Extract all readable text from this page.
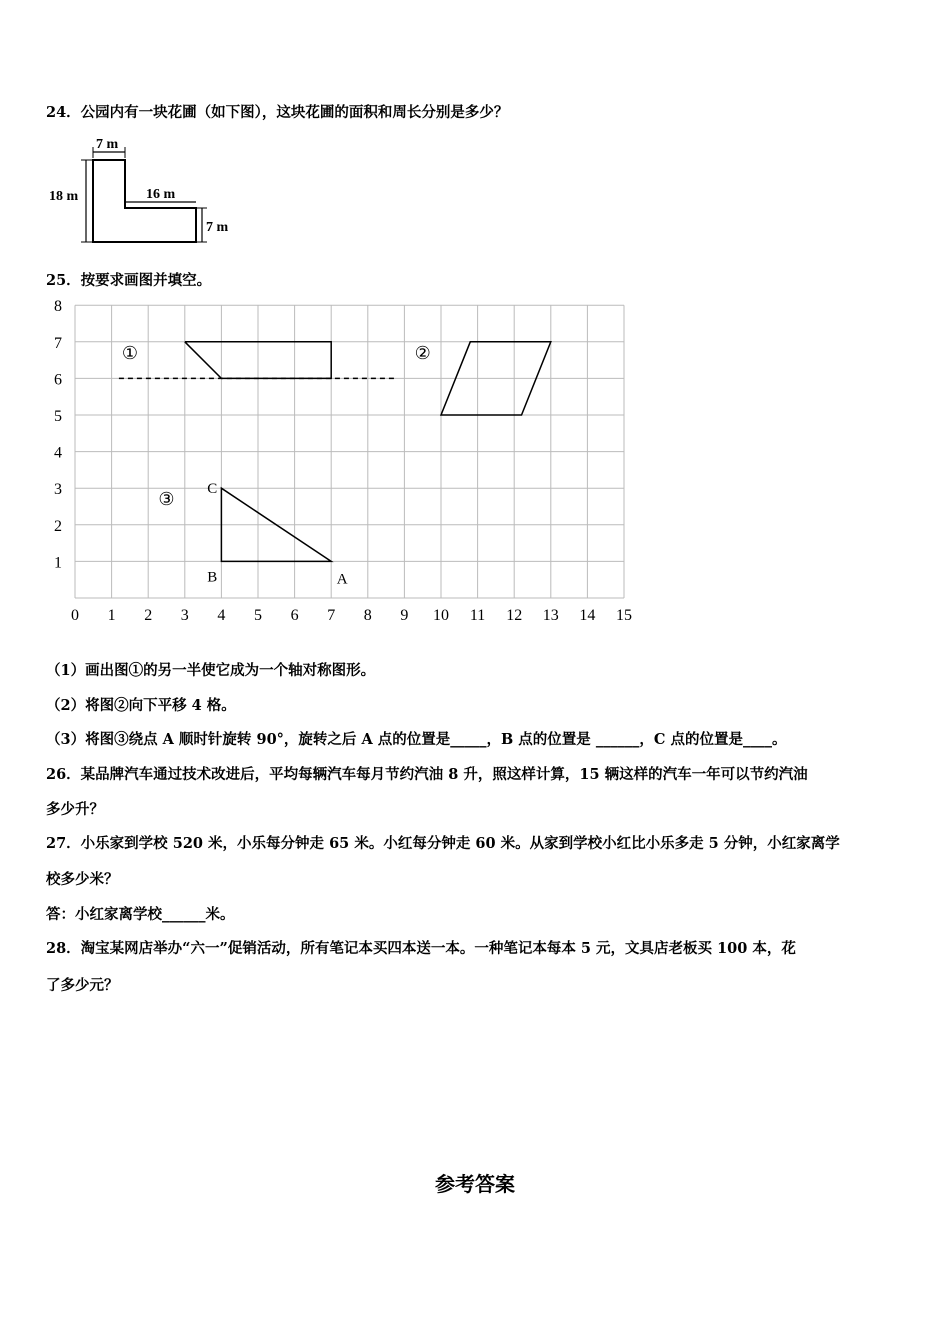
24．公园内有一块花圃（如下图），这块花圃的面积和周长分别是多少？
7 m
18 m	16 m
7 m
25．按要求画图并填空。
0 1 2 3 4 5 6 7 8 9 10 11 12 13 14 15
1
2
3
4
5
6
7
8
①	②
③ C
B	A
（1）画出图①的另一半使它成为一个轴对称图形。
（2）将图②向下平移 4 格。
（3）将图③绕点 A 顺时针旋转 90°，旋转之后 A 点的位置是_____，B 点的位置是 ______，C 点的位置是____。
26．某品牌汽车通过技术改进后，平均每辆汽车每月节约汽油 8 升，照这样计算，15 辆这样的汽车一年可以节约汽油
多少升？
27．小乐家到学校 520 米，小乐每分钟走 65 米。小红每分钟走 60 米。从家到学校小红比小乐多走 5 分钟，小红家离学
校多少米？
答：小红家离学校______米。
28．淘宝某网店举办“六一”促销活动，所有笔记本买四本送一本。一种笔记本每本 5 元，文具店老板买 100 本，花
了多少元？
参考答案
